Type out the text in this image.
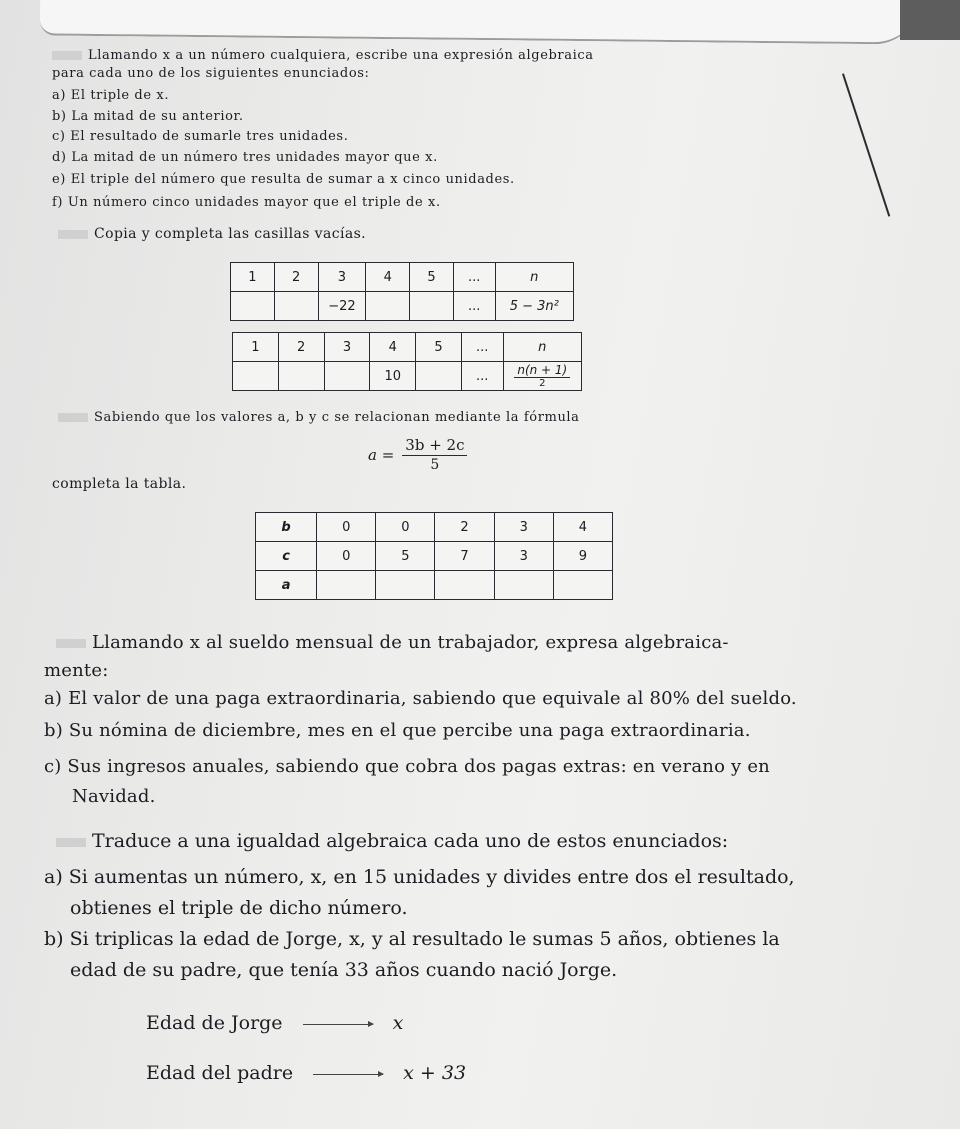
Llamando x a un número cualquiera, escribe una expresión algebraica
para cada uno de los siguientes enunciados:
a) El triple de x.
b) La mitad de su anterior.
c) El resultado de sumarle tres unidades.
d) La mitad de un número tres unidades mayor que x.
e) El triple del número que resulta de sumar a x cinco unidades.
f) Un número cinco unidades mayor que el triple de x.
Copia y completa las casillas vacías.
1	2	3	4	5	...	n
		−22			...	5 − 3n²
1	2	3	4	5	...	n
			10		...	$\frac{n(n + 1)}{2}$
Sabiendo que los valores a, b y c se relacionan mediante la fórmula
$a = \frac{3b + 2c}{5}$
completa la tabla.
b	0	0	2	3	4
c	0	5	7	3	9
a					
Llamando x al sueldo mensual de un trabajador, expresa algebraica-
mente:
a) El valor de una paga extraordinaria, sabiendo que equivale al 80% del sueldo.
b) Su nómina de diciembre, mes en el que percibe una paga extraordinaria.
c) Sus ingresos anuales, sabiendo que cobra dos pagas extras: en verano y en
Navidad.
Traduce a una igualdad algebraica cada uno de estos enunciados:
a) Si aumentas un número, x, en 15 unidades y divides entre dos el resultado,
obtienes el triple de dicho número.
b) Si triplicas la edad de Jorge, x, y al resultado le sumas 5 años, obtienes la
edad de su padre, que tenía 33 años cuando nació Jorge.
Edad de Jorge	x
Edad del padre	x + 33
